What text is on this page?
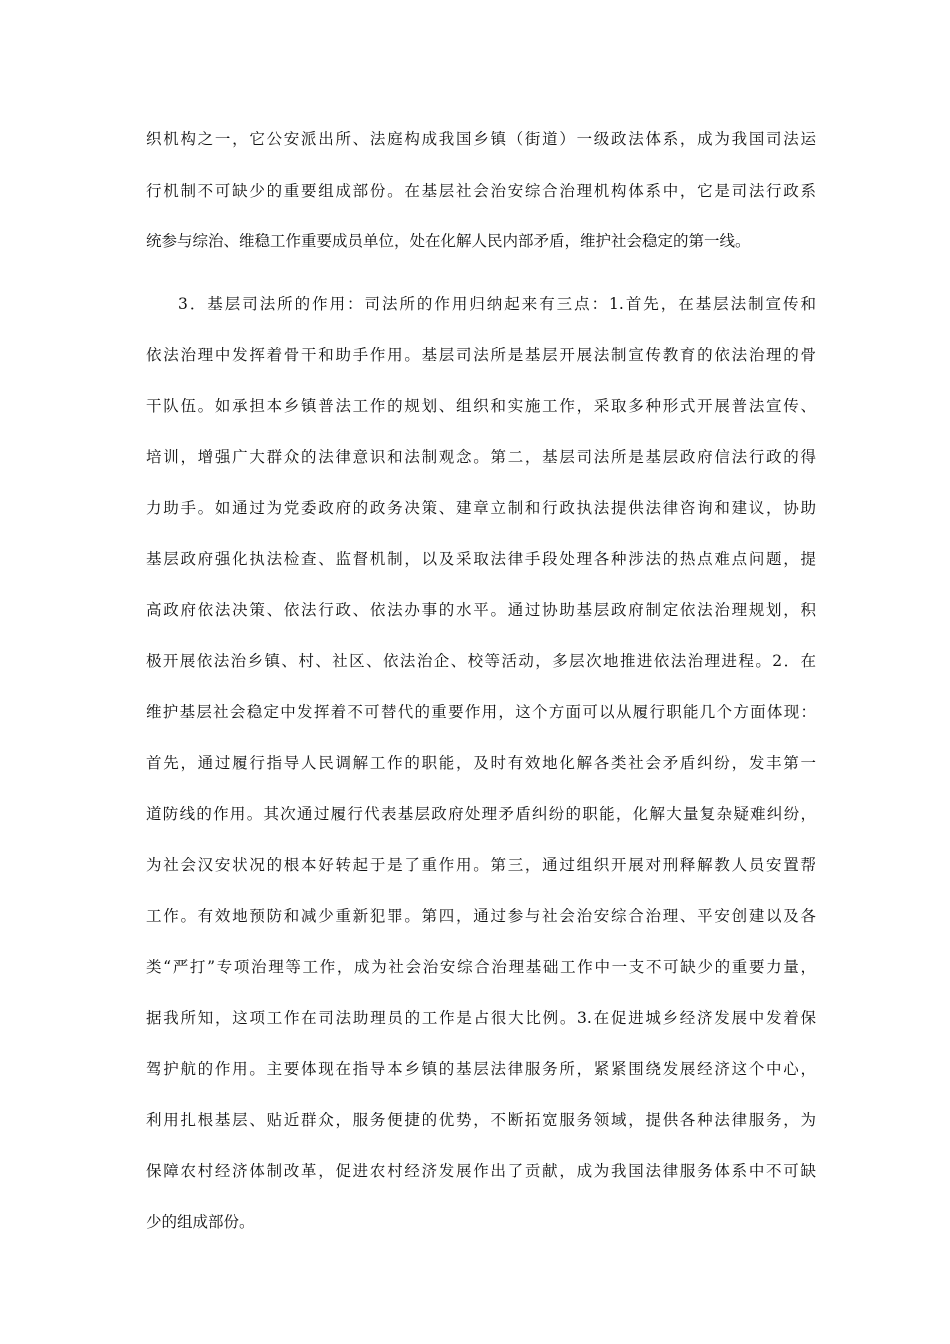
织机构之一，它公安派出所、法庭构成我国乡镇（街道）一级政法体系，成为我国司法运
行机制不可缺少的重要组成部份。在基层社会治安综合治理机构体系中，它是司法行政系
统参与综治、维稳工作重要成员单位，处在化解人民内部矛盾，维护社会稳定的第一线。
3．基层司法所的作用：司法所的作用归纳起来有三点：1.首先，在基层法制宣传和
依法治理中发挥着骨干和助手作用。基层司法所是基层开展法制宣传教育的依法治理的骨
干队伍。如承担本乡镇普法工作的规划、组织和实施工作，采取多种形式开展普法宣传、
培训，增强广大群众的法律意识和法制观念。第二，基层司法所是基层政府信法行政的得
力助手。如通过为党委政府的政务决策、建章立制和行政执法提供法律咨询和建议，协助
基层政府强化执法检查、监督机制，以及采取法律手段处理各种涉法的热点难点问题，提
高政府依法决策、依法行政、依法办事的水平。通过协助基层政府制定依法治理规划，积
极开展依法治乡镇、村、社区、依法治企、校等活动，多层次地推进依法治理进程。2．在
维护基层社会稳定中发挥着不可替代的重要作用，这个方面可以从履行职能几个方面体现：
首先，通过履行指导人民调解工作的职能，及时有效地化解各类社会矛盾纠纷，发丰第一
道防线的作用。其次通过履行代表基层政府处理矛盾纠纷的职能，化解大量复杂疑难纠纷，
为社会汉安状况的根本好转起于是了重作用。第三，通过组织开展对刑释解教人员安置帮
工作。有效地预防和减少重新犯罪。第四，通过参与社会治安综合治理、平安创建以及各
类“严打”专项治理等工作，成为社会治安综合治理基础工作中一支不可缺少的重要力量，
据我所知，这项工作在司法助理员的工作是占很大比例。3.在促进城乡经济发展中发着保
驾护航的作用。主要体现在指导本乡镇的基层法律服务所，紧紧围绕发展经济这个中心，
利用扎根基层、贴近群众，服务便捷的优势，不断拓宽服务领域，提供各种法律服务，为
保障农村经济体制改革，促进农村经济发展作出了贡献，成为我国法律服务体系中不可缺
少的组成部份。
